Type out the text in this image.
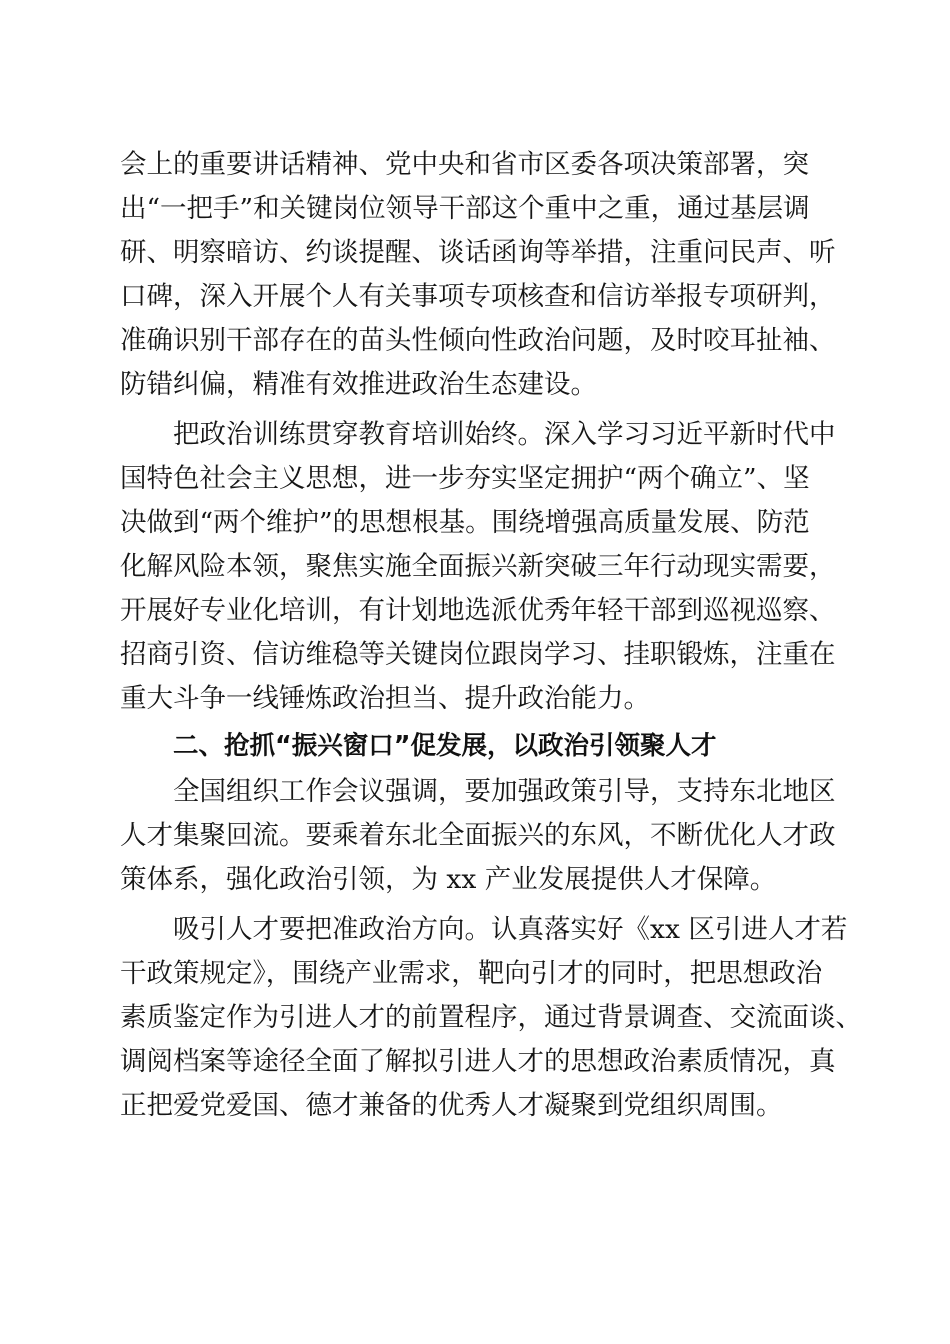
会上的重要讲话精神、党中央和省市区委各项决策部署，突
出“一把手”和关键岗位领导干部这个重中之重，通过基层调
研、明察暗访、约谈提醒、谈话函询等举措，注重问民声、听
口碑，深入开展个人有关事项专项核查和信访举报专项研判，
准确识别干部存在的苗头性倾向性政治问题，及时咬耳扯袖、
防错纠偏，精准有效推进政治生态建设。
把政治训练贯穿教育培训始终。深入学习习近平新时代中
国特色社会主义思想，进一步夯实坚定拥护“两个确立”、坚
决做到“两个维护”的思想根基。围绕增强高质量发展、防范
化解风险本领，聚焦实施全面振兴新突破三年行动现实需要，
开展好专业化培训，有计划地选派优秀年轻干部到巡视巡察、
招商引资、信访维稳等关键岗位跟岗学习、挂职锻炼，注重在
重大斗争一线锤炼政治担当、提升政治能力。
二、抢抓“振兴窗口”促发展，以政治引领聚人才
全国组织工作会议强调，要加强政策引导，支持东北地区
人才集聚回流。要乘着东北全面振兴的东风，不断优化人才政
策体系，强化政治引领，为 xx 产业发展提供人才保障。
吸引人才要把准政治方向。认真落实好《xx 区引进人才若
干政策规定》，围绕产业需求，靶向引才的同时，把思想政治
素质鉴定作为引进人才的前置程序，通过背景调查、交流面谈、
调阅档案等途径全面了解拟引进人才的思想政治素质情况，真
正把爱党爱国、德才兼备的优秀人才凝聚到党组织周围。
